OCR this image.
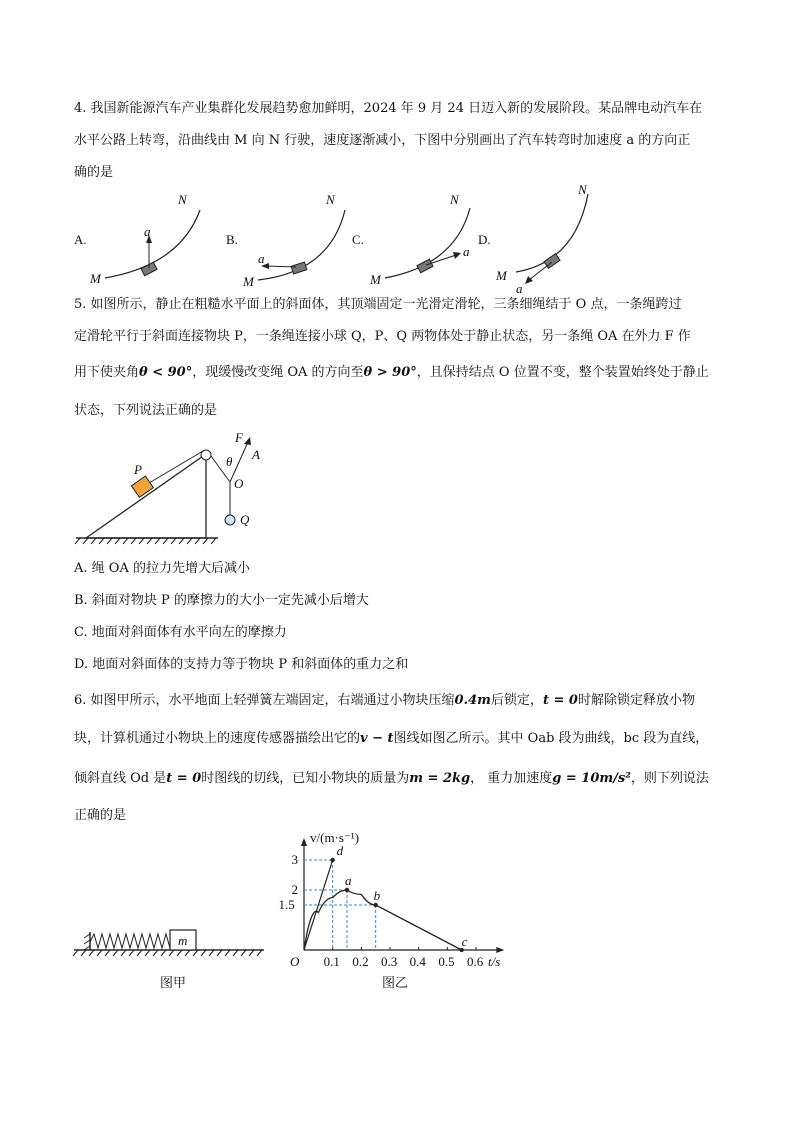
4. 我国新能源汽车产业集群化发展趋势愈加鲜明，2024 年 9 月 24 日迈入新的发展阶段。某品牌电动汽车在
水平公路上转弯，沿曲线由 M 向 N 行驶，速度逐渐减小，下图中分别画出了汽车转弯时加速度 a 的方向正
确的是
A.
a
M
N
B.
a
M
N
C.
a
M
N
D.
a
M
N
5. 如图所示，静止在粗糙水平面上的斜面体，其顶端固定一光滑定滑轮，三条细绳结于 O 点，一条绳跨过
定滑轮平行于斜面连接物块 P，一条绳连接小球 Q，P、Q 两物体处于静止状态，另一条绳 OA 在外力 F 作
用下使夹角θ < 90°，现缓慢改变绳 OA 的方向至θ > 90°，且保持结点 O 位置不变，整个装置始终处于静止
状态，下列说法正确的是
P
Q
F
A
θ
O
A. 绳 OA 的拉力先增大后减小
B. 斜面对物块 P 的摩擦力的大小一定先减小后增大
C. 地面对斜面体有水平向左的摩擦力
D. 地面对斜面体的支持力等于物块 P 和斜面体的重力之和
6. 如图甲所示，水平地面上轻弹簧左端固定，右端通过小物块压缩0.4m后锁定，t = 0时解除锁定释放小物
块，计算机通过小物块上的速度传感器描绘出它的v − t图线如图乙所示。其中 Oab 段为曲线，bc 段为直线，
倾斜直线 Od 是t = 0时图线的切线，已知小物块的质量为m = 2kg， 重力加速度g = 10m/s²，则下列说法
正确的是
m
图甲
v/(m·s⁻¹)
t/s
O 0.1 0.2 0.3 0.4 0.5 0.6
1.5
2
3
a
b
c
d
图乙
